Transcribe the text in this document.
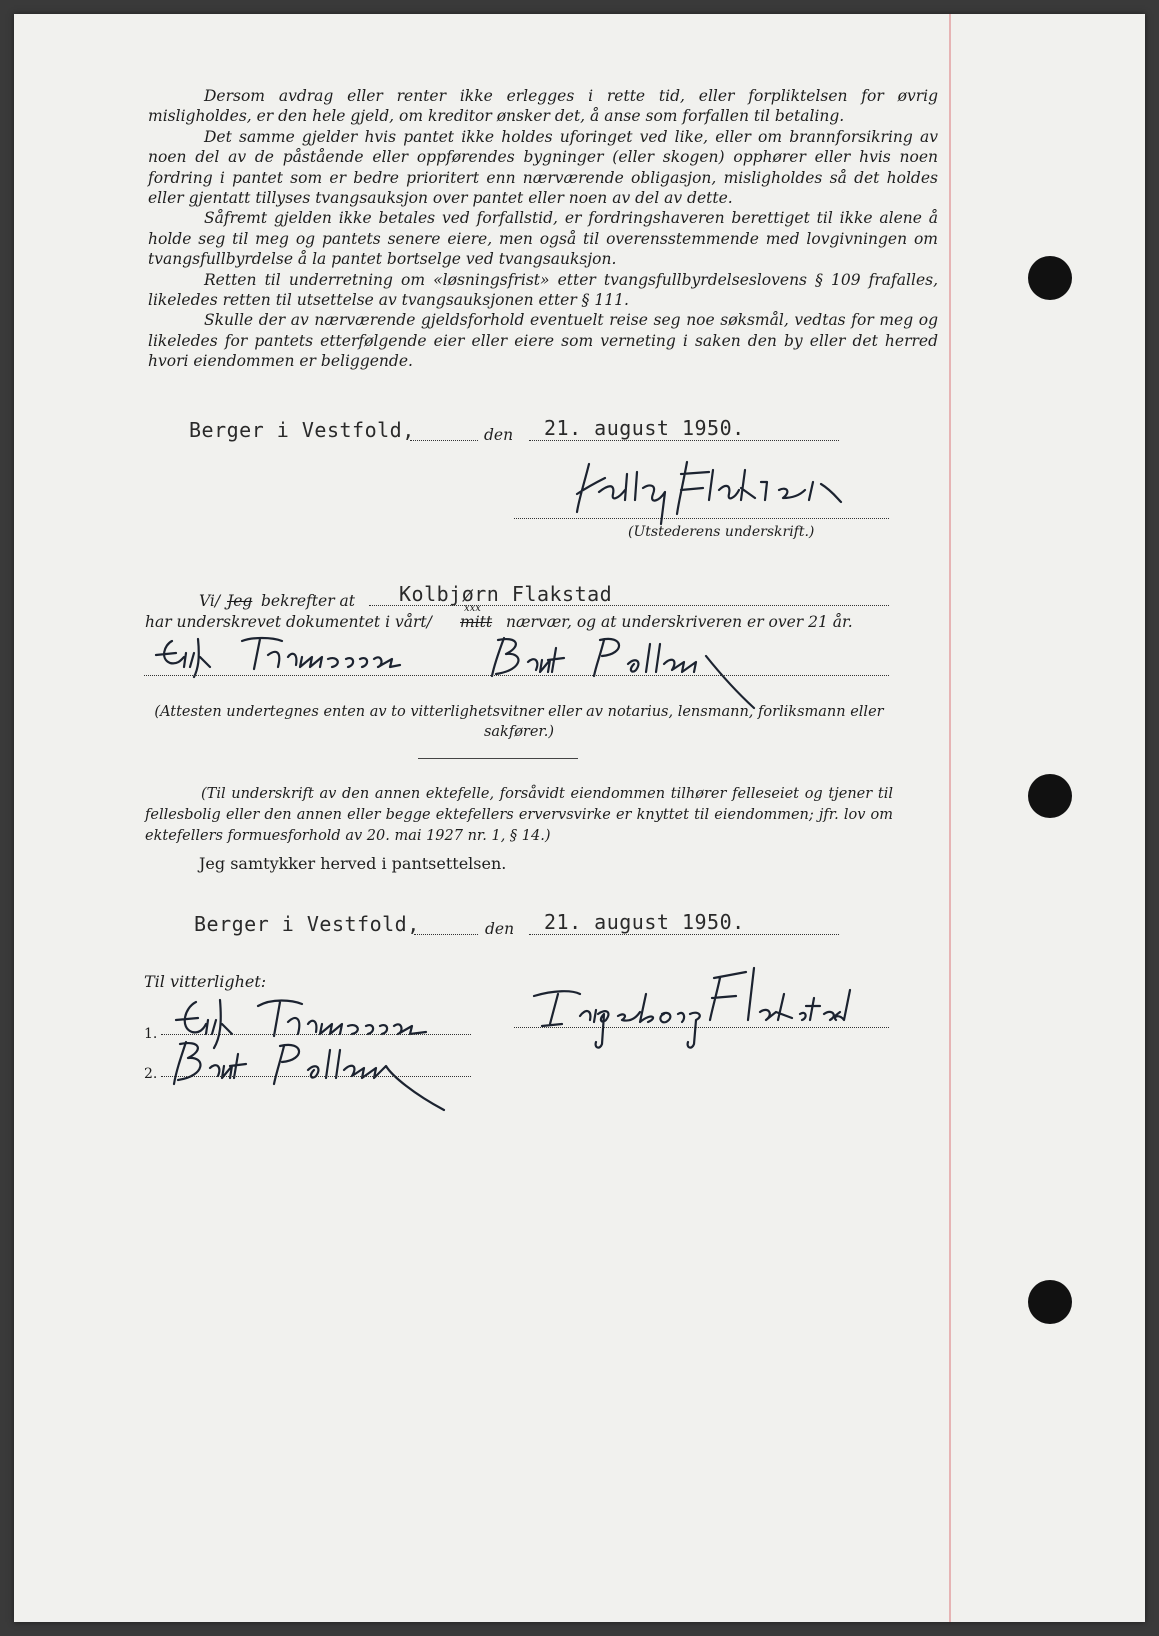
Dersom avdrag eller renter ikke erlegges i rette tid, eller forpliktelsen for øvrig misligholdes, er den hele gjeld, om kreditor ønsker det, å anse som forfallen til betaling.

Det samme gjelder hvis pantet ikke holdes uforinget ved like, eller om brannforsikring av noen del av de påstående eller oppførendes bygninger (eller skogen) opphører eller hvis noen fordring i pantet som er bedre prioritert enn nærværende obligasjon, misligholdes så det holdes eller gjentatt tillyses tvangsauksjon over pantet eller noen av del av dette.

Såfremt gjelden ikke betales ved forfallstid, er fordringshaveren berettiget til ikke alene å holde seg til meg og pantets senere eiere, men også til overensstemmende med lovgivningen om tvangsfullbyrdelse å la pantet bortselge ved tvangsauksjon.

Retten til underretning om «løsningsfrist» etter tvangsfullbyrdelseslovens § 109 frafalles, likeledes retten til utsettelse av tvangsauksjonen etter § 111.

Skulle der av nærværende gjeldsforhold eventuelt reise seg noe søksmål, vedtas for meg og likeledes for pantets etterfølgende eier eller eiere som verneting i saken den by eller det herred hvori eiendommen er beliggende.

Berger i Vestfold,	den 21. august 1950.
(Utstederens underskrift.)
Vi/ Jeg bekrefter at Kolbjørn Flakstad
har underskrevet dokumentet i vårt/ mitt
xxx
nærvær, og at underskriveren er over 21 år.
(Attesten undertegnes enten av to vitterlighetsvitner eller av notarius, lensmann, forliksmann eller sakfører.)
(Til underskrift av den annen ektefelle, forsåvidt eiendommen tilhører felleseiet og tjener til fellesbolig eller den annen eller begge ektefellers ervervsvirke er knyttet til eiendommen; jfr. lov om ektefellers formuesforhold av 20. mai 1927 nr. 1, § 14.)
Jeg samtykker herved i pantsettelsen.
Berger i Vestfold,	den 21. august 1950.
Til vitterlighet:
1.
2.
